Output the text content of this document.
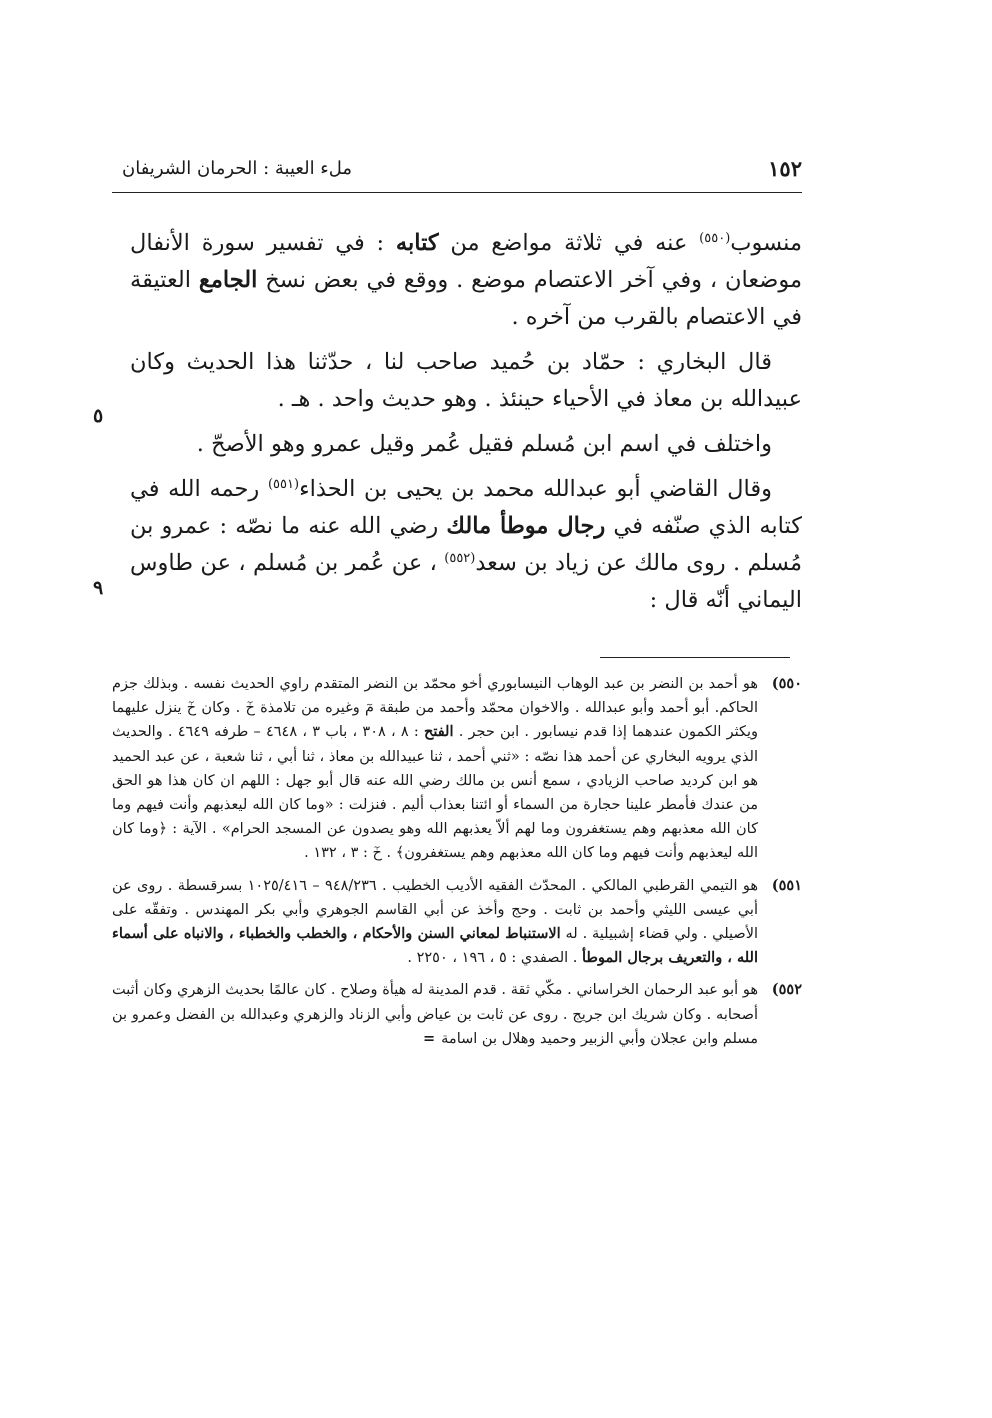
١٥٢
ملء العيبة : الحرمان الشريفان

منسوب$^{(٥٥٠)}$ عنه في ثلاثة مواضع من كتابه : في تفسير سورة الأنفال موضعان ، وفي آخر الاعتصام موضع . ووقع في بعض نسخ الجامع العتيقة في الاعتصام بالقرب من آخره .

قال البخاري : حمّاد بن حُميد صاحب لنا ، حدّثنا هذا الحديث وكان عبيدالله بن معاذ في الأحياء حينئذ . وهو حديث واحد . هـ .

واختلف في اسم ابن مُسلم فقيل عُمر وقيل عمرو وهو الأصحّ .

وقال القاضي أبو عبدالله محمد بن يحيى بن الحذاء$^{(٥٥١)}$ رحمه الله في كتابه الذي صنّفه في رجال موطأ مالك رضي الله عنه ما نصّه : عمرو بن مُسلم . روى مالك عن زياد بن سعد$^{(٥٥٢)}$ ، عن عُمر بن مُسلم ، عن طاوس اليماني أنّه قال :

٥
٩
٥٥٠)
هو أحمد بن النضر بن عبد الوهاب النيسابوري أخو محمّد بن النضر المتقدم راوي الحديث نفسه . وبذلك جزم الحاكم. أبو أحمد وأبو عبدالله . والاخوان محمّد وأحمد من طبقة مٓ وغيره من تلامذة خٓ . وكان خٓ ينزل عليهما ويكثر الكمون عندهما إذا قدم نيسابور . ابن حجر . الفتح : ٨ ، ٣٠٨ ، باب ٣ ، ٤٦٤٨ – طرفه ٤٦٤٩ . والحديث الذي يرويه البخاري عن أحمد هذا نصّه : «ثني أحمد ، ثنا عبيدالله بن معاذ ، ثنا أبي ، ثنا شعبة ، عن عبد الحميد هو ابن كرديد صاحب الزيادي ، سمع أنس بن مالك رضي الله عنه قال أبو جهل : اللهم ان كان هذا هو الحق من عندك فأمطر علينا حجارة من السماء أو ائتنا بعذاب أليم . فنزلت : «وما كان الله ليعذبهم وأنت فيهم وما كان الله معذبهم وهم يستغفرون وما لهم ألاّ يعذبهم الله وهو يصدون عن المسجد الحرام» . الآية : ﴿وما كان الله ليعذبهم وأنت فيهم وما كان الله معذبهم وهم يستغفرون﴾ . خٓ : ٣ ، ١٣٢ .
٥٥١)
هو التيمي القرطبي المالكي . المحدّث الفقيه الأديب الخطيب . ٩٤٨/٢٣٦ – ١٠٢٥/٤١٦ بسرقسطة . روى عن أبي عيسى الليثي وأحمد بن ثابت . وحج وأخذ عن أبي القاسم الجوهري وأبي بكر المهندس . وتفقّه على الأصيلي . ولي قضاء إشبيلية . له الاستنباط لمعاني السنن والأحكام ، والخطب والخطباء ، والانباه على أسماء الله ، والتعريف برجال الموطأ . الصفدي : ٥ ، ١٩٦ ، ٢٢٥٠ .
٥٥٢)
هو أبو عبد الرحمان الخراساني . مكّي ثقة . قدم المدينة له هيأة وصلاح . كان عالمًا بحديث الزهري وكان أثبت أصحابه . وكان شريك ابن جريج . روى عن ثابت بن عياض وأبي الزناد والزهري وعبدالله بن الفضل وعمرو بن مسلم وابن عجلان وأبي الزبير وحميد وهلال بن اسامة=
